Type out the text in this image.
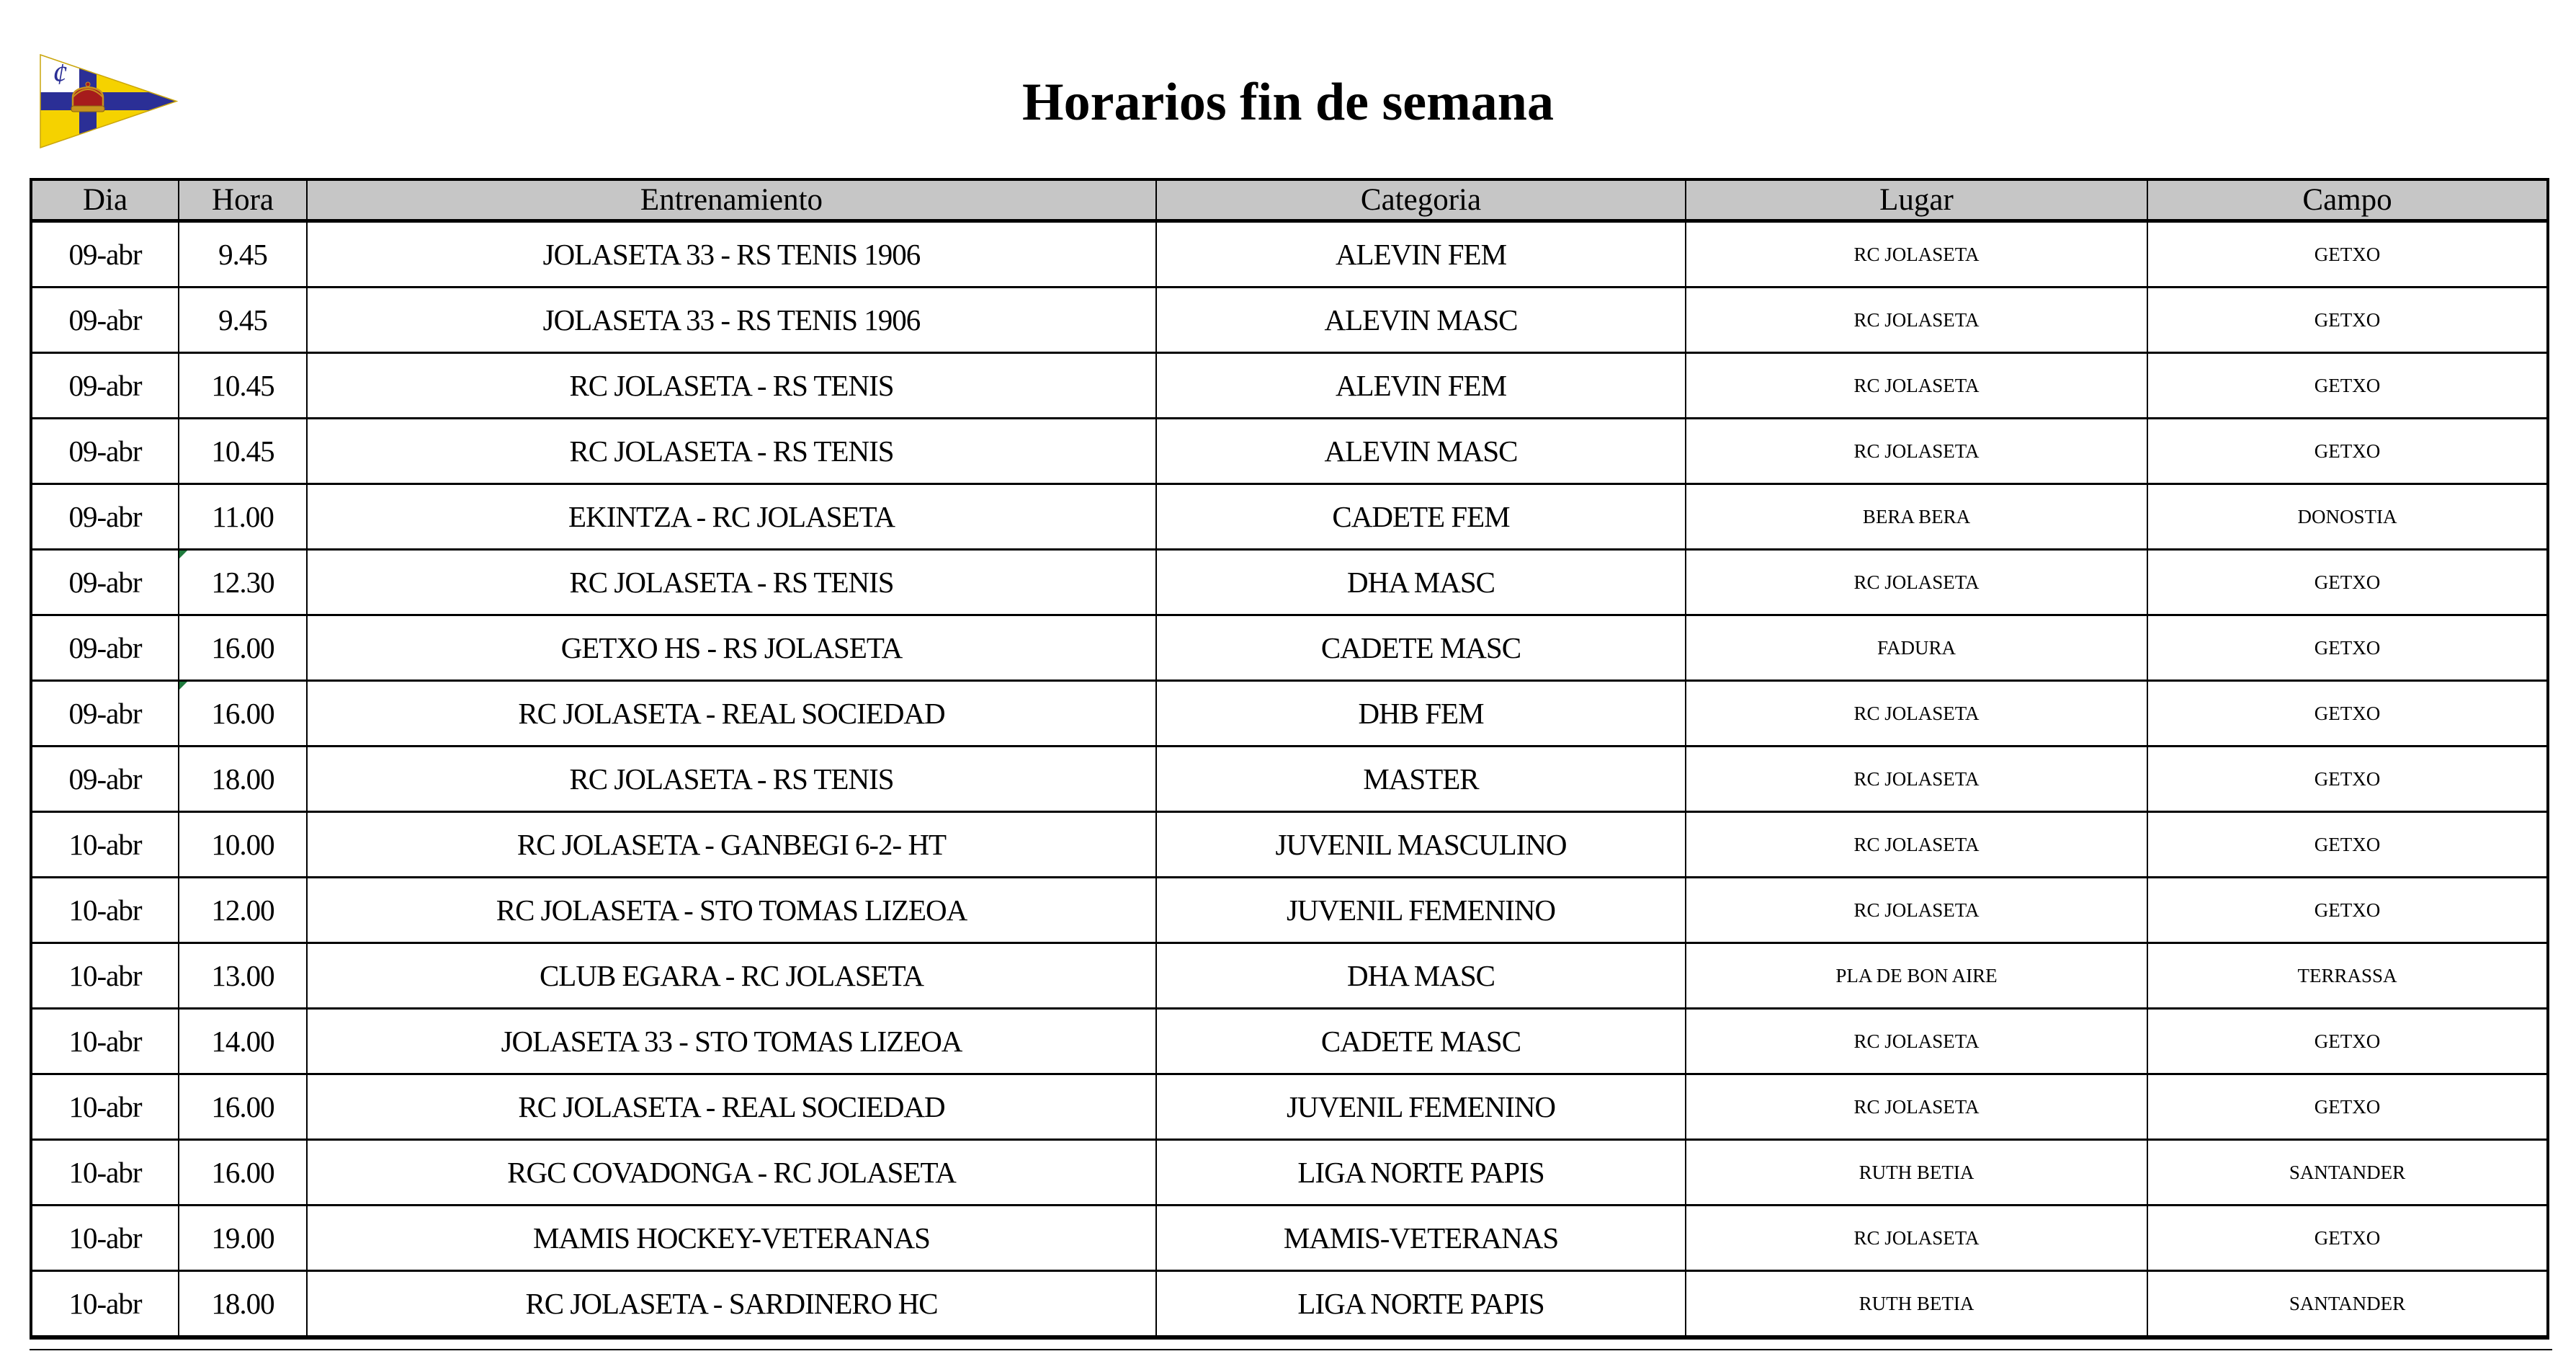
¢	Horarios fin de semana
Dia	Hora	Entrenamiento	Categoria	Lugar	Campo
09-abr	9.45	JOLASETA 33 - RS TENIS 1906	ALEVIN FEM	RC JOLASETA	GETXO
09-abr	9.45	JOLASETA 33 - RS TENIS 1906	ALEVIN MASC	RC JOLASETA	GETXO
09-abr	10.45	RC JOLASETA - RS TENIS	ALEVIN FEM	RC JOLASETA	GETXO
09-abr	10.45	RC JOLASETA - RS TENIS	ALEVIN MASC	RC JOLASETA	GETXO
09-abr	11.00	EKINTZA - RC JOLASETA	CADETE FEM	BERA BERA	DONOSTIA
09-abr	12.30	RC JOLASETA - RS TENIS	DHA MASC	RC JOLASETA	GETXO
09-abr	16.00	GETXO HS - RS JOLASETA	CADETE MASC	FADURA	GETXO
09-abr	16.00	RC JOLASETA - REAL SOCIEDAD	DHB FEM	RC JOLASETA	GETXO
09-abr	18.00	RC JOLASETA - RS TENIS	MASTER	RC JOLASETA	GETXO
10-abr	10.00	RC JOLASETA - GANBEGI 6-2- HT	JUVENIL MASCULINO	RC JOLASETA	GETXO
10-abr	12.00	RC JOLASETA - STO TOMAS LIZEOA	JUVENIL FEMENINO	RC JOLASETA	GETXO
10-abr	13.00	CLUB EGARA - RC JOLASETA	DHA MASC	PLA DE BON AIRE	TERRASSA
10-abr	14.00	JOLASETA 33 - STO TOMAS LIZEOA	CADETE MASC	RC JOLASETA	GETXO
10-abr	16.00	RC JOLASETA - REAL SOCIEDAD	JUVENIL FEMENINO	RC JOLASETA	GETXO
10-abr	16.00	RGC COVADONGA - RC JOLASETA	LIGA NORTE PAPIS	RUTH BETIA	SANTANDER
10-abr	19.00	MAMIS HOCKEY-VETERANAS	MAMIS-VETERANAS	RC JOLASETA	GETXO
10-abr	18.00	RC JOLASETA - SARDINERO HC	LIGA NORTE PAPIS	RUTH BETIA	SANTANDER
